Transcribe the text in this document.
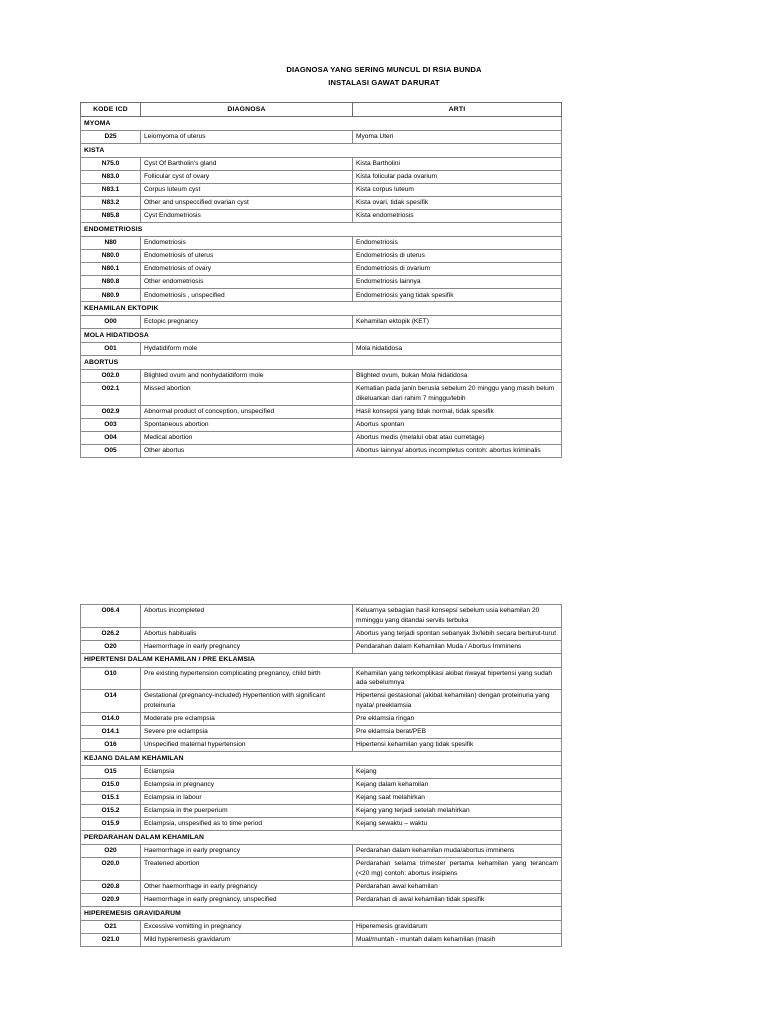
DIAGNOSA YANG SERING MUNCUL DI RSIA BUNDA
INSTALASI GAWAT DARURAT
KODE ICD	DIAGNOSA	ARTI
MYOMA		
D25	Leiomyoma of uterus	Myoma Uteri
KISTA		
N75.0	Cyst Of Bartholin's gland	Kista Bartholini
N83.0	Follicular cyst of ovary	Kista folicular pada ovarium
N83.1	Corpus luteum cyst	Kista corpus luteum
N83.2	Other and unspeccified ovarian cyst	Kista ovari, tidak spesifik
N85.8	Cyst Endometriosis	Kista endometriosis
ENDOMETRIOSIS		
N80	Endometriosis	Endometriosis
N80.0	Endometriosis of uterus	Endometriosis di uterus
N80.1	Endometriosis of ovary	Endometriosis di ovarium
N80.8	Other endometriosis	Endometriosis lainnya
N80.9	Endometriosis , unspecified	Endometriosis yang tidak spesifik
KEHAMILAN EKTOPIK		
O00	Ectopic pregnancy	Kehamilan ektopik (KET)
MOLA HIDATIDOSA		
O01	Hydatidiform mole	Mola hidatidosa
ABORTUS		
O02.0	Blighted ovum and nonhydatidiform mole	Blighted ovum, bukan Mola hidatidosa
O02.1	Missed abortion	Kematian pada janin berusia sebelum 20 minggu yang masih belum dikeluarkan dari rahim 7 minggu/lebih
O02.9	Abnormal product of conception, unspecified	Hasil konsepsi yang tidak normal, tidak spesifik
O03	Spontaneous abortion	Abortus spontan
O04	Medical abortion	Abortus medis (melalui obat atau curretage)
O05	Other abortus	Abortus lainnya/ abortus incompletus contoh: abortus kriminalis
O06.4	Abortus incompleted	Keluarnya sebagian hasil konsepsi sebelum usia kehamilan 20 mminggu yang ditandai servils terbuka
O26.2	Abortus habitualis	Abortus yang terjadi spontan sebanyak 3x/lebih secara berturut-turut
O20	Haemorrhage in early pregnancy	Pendarahan dalam Kehamilan Muda / Abortus Imminens
HIPERTENSI DALAM KEHAMILAN / PRE EKLAMSIA		
O10	Pre existing hypertension complicating pregnancy, child birth	Kehamilan yang terkomplikasi akibat riwayat hipertensi yang sudah ada sebelumnya
O14	Gestational (pregnancy-included) Hypertention with significant proteinuria	Hipertensi gestasional (akibat kehamilan) dengan proteinuria yang nyata/ preeklamsia
O14.0	Moderate pre eclampsia	Pre eklamsia ringan
O14.1	Severe pre eclampsia	Pre eklamsia berat/PEB
O16	Unspecified maternal hypertension	Hipertensi kehamilan yang tidak spesifik
KEJANG DALAM KEHAMILAN		
O15	Eclampsia	Kejang
O15.0	Eclampsia in pregnancy	Kejang dalam kehamilan
O15.1	Eclampsia in labour	Kejang saat melahirkan
O15.2	Eclampsia in the puerperium	Kejang yang terjadi setelah melahirkan
O15.9	Eclampsia, unspesified as to time period	Kejang sewaktu – waktu
PERDARAHAN DALAM KEHAMILAN		
O20	Haemorrhage in early pregnancy	Perdarahan dalam kehamilan muda/abortus imminens
O20.0	Treatened abortion	Perdarahan selama trimester pertama kehamilan yang terancam (<20 mg) contoh: abortus insipiens
O20.8	Other haemorrhage in early pregnancy	Perdarahan awal kehamilan
O20.9	Haemorrhage in early pregnancy, unspecified	Perdarahan di awal kehamilan tidak spesifik
HIPEREMESIS GRAVIDARUM		
O21	Excessive vomitting in pregnancy	Hiperemesis gravidarum
O21.0	Mild hyperemesis gravidarum	Mual/muntah - muntah dalam kehamilan (masih
